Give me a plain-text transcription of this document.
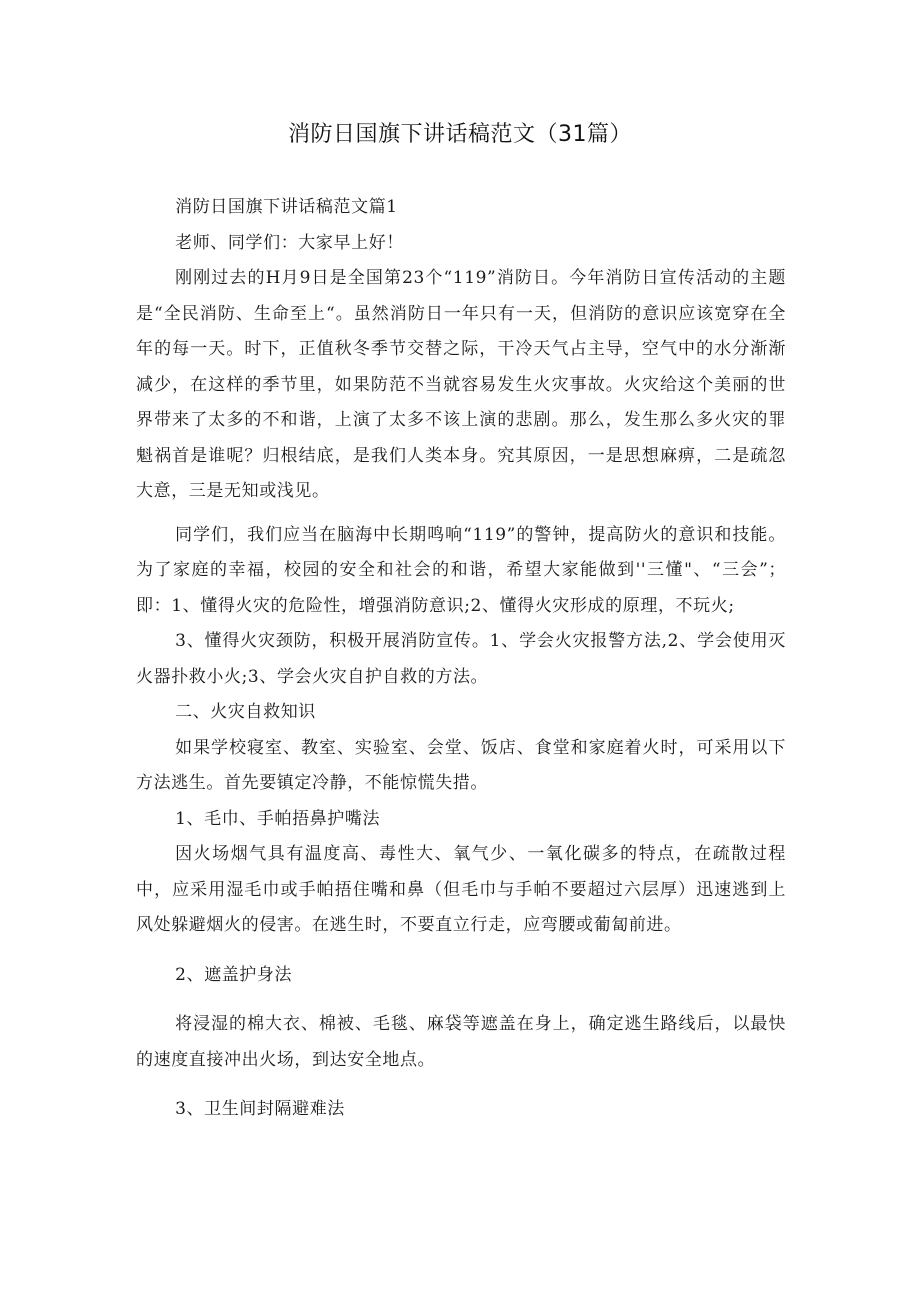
消防日国旗下讲话稿范文（31篇）

消防日国旗下讲话稿范文篇1

老师、同学们：大家早上好！

刚刚过去的H月9日是全国第23个“119”消防日。今年消防日宣传活动的主题是“全民消防、生命至上“。虽然消防日一年只有一天，但消防的意识应该宽穿在全年的每一天。时下，正值秋冬季节交替之际，干冷天气占主导，空气中的水分渐渐减少，在这样的季节里，如果防范不当就容易发生火灾事故。火灾给这个美丽的世界带来了太多的不和谐，上演了太多不该上演的悲剧。那么，发生那么多火灾的罪魁祸首是谁呢？归根结底，是我们人类本身。究其原因，一是思想麻痹，二是疏忽大意，三是无知或浅见。

同学们，我们应当在脑海中长期鸣响“119”的警钟，提高防火的意识和技能。为了家庭的幸福，校园的安全和社会的和谐，希望大家能做到''三懂"、“三会”；即：1、懂得火灾的危险性，增强消防意识;2、懂得火灾形成的原理，不玩火;

3、懂得火灾颈防，积极开展消防宣传。1、学会火灾报警方法,2、学会使用灭火器扑救小火;3、学会火灾自护自救的方法。

二、火灾自救知识

如果学校寝室、教室、实验室、会堂、饭店、食堂和家庭着火时，可采用以下方法逃生。首先要镇定冷静，不能惊慌失措。

1、毛巾、手帕捂鼻护嘴法

因火场烟气具有温度高、毒性大、氧气少、一氧化碳多的特点，在疏散过程中，应采用湿毛巾或手帕捂住嘴和鼻（但毛巾与手帕不要超过六层厚）迅速逃到上风处躲避烟火的侵害。在逃生时，不要直立行走，应弯腰或葡匐前进。

2、遮盖护身法

将浸湿的棉大衣、棉被、毛毯、麻袋等遮盖在身上，确定逃生路线后，以最快的速度直接冲出火场，到达安全地点。

3、卫生间封隔避难法
